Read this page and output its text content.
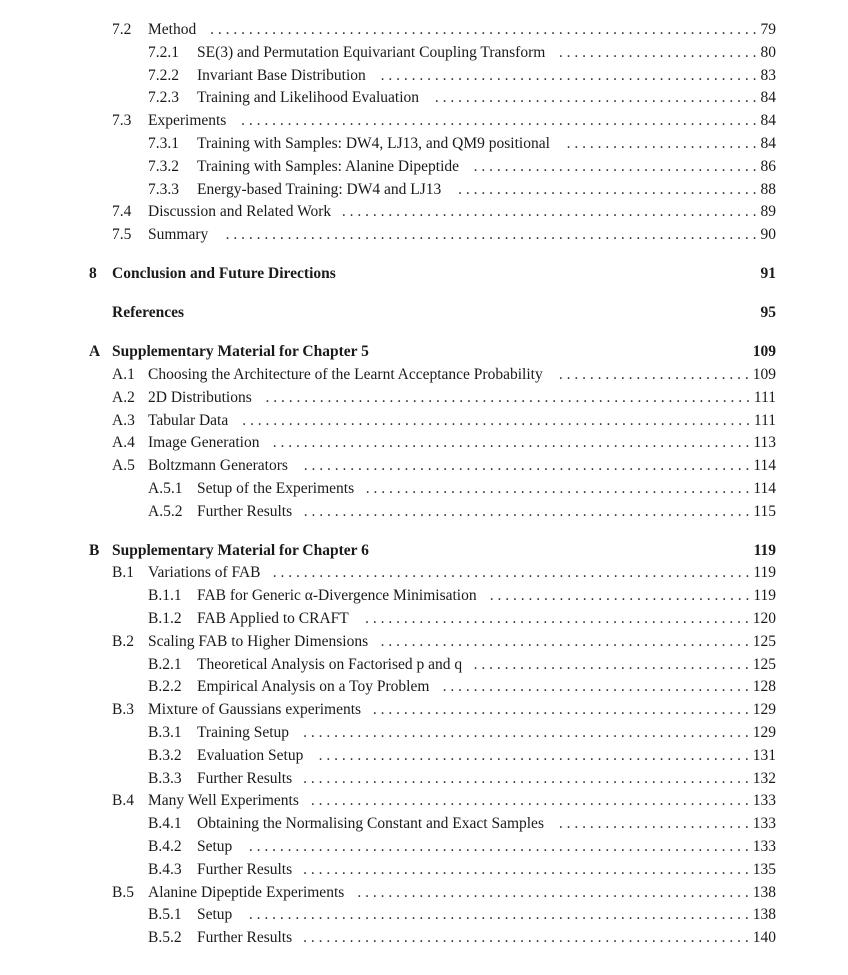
7.2	Method . . . . . . . . . . . . . . . . . . . . . . . . . . . . . . . . . . . . . . . . . . . . . . . . . . . . . . . . . . . . . . . . . . . . . . . 79
7.2.1	SE(3) and Permutation Equivariant Coupling Transform . . . . . . . . . . . . . . . . . . . . . . . . . . 80
7.2.2	Invariant Base Distribution . . . . . . . . . . . . . . . . . . . . . . . . . . . . . . . . . . . . . . . . . . . . . . . . . 83
7.2.3	Training and Likelihood Evaluation . . . . . . . . . . . . . . . . . . . . . . . . . . . . . . . . . . . . . . . . . . 84
7.3	Experiments . . . . . . . . . . . . . . . . . . . . . . . . . . . . . . . . . . . . . . . . . . . . . . . . . . . . . . . . . . . . . . . . . . . 84
7.3.1	Training with Samples: DW4, LJ13, and QM9 positional . . . . . . . . . . . . . . . . . . . . . . . . . 84
7.3.2	Training with Samples: Alanine Dipeptide . . . . . . . . . . . . . . . . . . . . . . . . . . . . . . . . . . . . . 86
7.3.3	Energy-based Training: DW4 and LJ13 . . . . . . . . . . . . . . . . . . . . . . . . . . . . . . . . . . . . . . . 88
7.4	Discussion and Related Work . . . . . . . . . . . . . . . . . . . . . . . . . . . . . . . . . . . . . . . . . . . . . . . . . . . . . . 89
7.5	Summary . . . . . . . . . . . . . . . . . . . . . . . . . . . . . . . . . . . . . . . . . . . . . . . . . . . . . . . . . . . . . . . . . . . . . 90
8 Conclusion and Future Directions	91
References	95
A Supplementary Material for Chapter 5	109
A.1 Choosing the Architecture of the Learnt Acceptance Probability . . . . . . . . . . . . . . . . . . . . . . . . . 109
A.2 2D Distributions . . . . . . . . . . . . . . . . . . . . . . . . . . . . . . . . . . . . . . . . . . . . . . . . . . . . . . . . . . . . . . . 111
A.3 Tabular Data . . . . . . . . . . . . . . . . . . . . . . . . . . . . . . . . . . . . . . . . . . . . . . . . . . . . . . . . . . . . . . . . . . 111
A.4 Image Generation . . . . . . . . . . . . . . . . . . . . . . . . . . . . . . . . . . . . . . . . . . . . . . . . . . . . . . . . . . . . . . 113
A.5 Boltzmann Generators . . . . . . . . . . . . . . . . . . . . . . . . . . . . . . . . . . . . . . . . . . . . . . . . . . . . . . . . . . 114
A.5.1 Setup of the Experiments . . . . . . . . . . . . . . . . . . . . . . . . . . . . . . . . . . . . . . . . . . . . . . . . . . 114
A.5.2 Further Results . . . . . . . . . . . . . . . . . . . . . . . . . . . . . . . . . . . . . . . . . . . . . . . . . . . . . . . . . . 115
B Supplementary Material for Chapter 6	119
B.1 Variations of FAB . . . . . . . . . . . . . . . . . . . . . . . . . . . . . . . . . . . . . . . . . . . . . . . . . . . . . . . . . . . . . . 119
B.1.1 FAB for Generic α-Divergence Minimisation . . . . . . . . . . . . . . . . . . . . . . . . . . . . . . . . . . 119
B.1.2 FAB Applied to CRAFT . . . . . . . . . . . . . . . . . . . . . . . . . . . . . . . . . . . . . . . . . . . . . . . . . . 120
B.2 Scaling FAB to Higher Dimensions . . . . . . . . . . . . . . . . . . . . . . . . . . . . . . . . . . . . . . . . . . . . . . . . 125
B.2.1 Theoretical Analysis on Factorised p and q . . . . . . . . . . . . . . . . . . . . . . . . . . . . . . . . . . . . 125
B.2.2 Empirical Analysis on a Toy Problem . . . . . . . . . . . . . . . . . . . . . . . . . . . . . . . . . . . . . . . . 128
B.3 Mixture of Gaussians experiments . . . . . . . . . . . . . . . . . . . . . . . . . . . . . . . . . . . . . . . . . . . . . . . . . 129
B.3.1 Training Setup . . . . . . . . . . . . . . . . . . . . . . . . . . . . . . . . . . . . . . . . . . . . . . . . . . . . . . . . . . 129
B.3.2 Evaluation Setup . . . . . . . . . . . . . . . . . . . . . . . . . . . . . . . . . . . . . . . . . . . . . . . . . . . . . . . . 131
B.3.3 Further Results . . . . . . . . . . . . . . . . . . . . . . . . . . . . . . . . . . . . . . . . . . . . . . . . . . . . . . . . . . 132
B.4 Many Well Experiments . . . . . . . . . . . . . . . . . . . . . . . . . . . . . . . . . . . . . . . . . . . . . . . . . . . . . . . . . 133
B.4.1 Obtaining the Normalising Constant and Exact Samples . . . . . . . . . . . . . . . . . . . . . . . . . 133
B.4.2 Setup . . . . . . . . . . . . . . . . . . . . . . . . . . . . . . . . . . . . . . . . . . . . . . . . . . . . . . . . . . . . . . . . . 133
B.4.3 Further Results . . . . . . . . . . . . . . . . . . . . . . . . . . . . . . . . . . . . . . . . . . . . . . . . . . . . . . . . . . 135
B.5 Alanine Dipeptide Experiments . . . . . . . . . . . . . . . . . . . . . . . . . . . . . . . . . . . . . . . . . . . . . . . . . . . 138
B.5.1 Setup . . . . . . . . . . . . . . . . . . . . . . . . . . . . . . . . . . . . . . . . . . . . . . . . . . . . . . . . . . . . . . . . . 138
B.5.2 Further Results . . . . . . . . . . . . . . . . . . . . . . . . . . . . . . . . . . . . . . . . . . . . . . . . . . . . . . . . . . 140
